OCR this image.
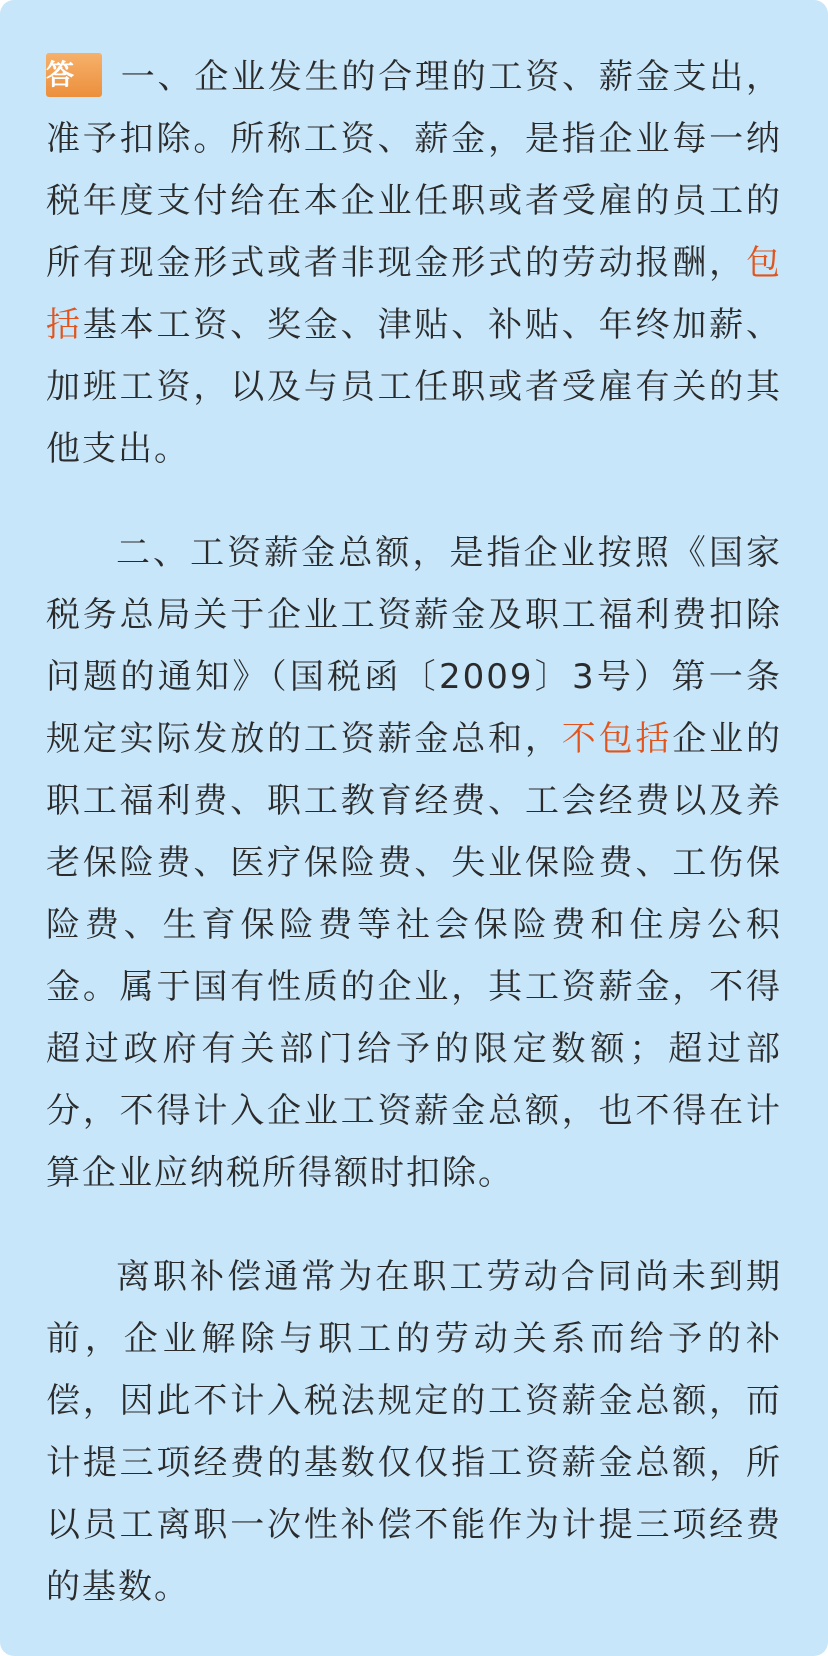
答 一、企业发生的合理的工资、薪金支出，准予扣除。所称工资、薪金，是指企业每一纳税年度支付给在本企业任职或者受雇的员工的所有现金形式或者非现金形式的劳动报酬，包括基本工资、奖金、津贴、补贴、年终加薪、加班工资，以及与员工任职或者受雇有关的其他支出。

二、工资薪金总额，是指企业按照《国家税务总局关于企业工资薪金及职工福利费扣除问题的通知》（国税函〔2009〕3号）第一条规定实际发放的工资薪金总和，不包括企业的职工福利费、职工教育经费、工会经费以及养老保险费、医疗保险费、失业保险费、工伤保险费、生育保险费等社会保险费和住房公积金。属于国有性质的企业，其工资薪金，不得超过政府有关部门给予的限定数额；超过部分，不得计入企业工资薪金总额，也不得在计算企业应纳税所得额时扣除。

离职补偿通常为在职工劳动合同尚未到期前，企业解除与职工的劳动关系而给予的补偿，因此不计入税法规定的工资薪金总额，而计提三项经费的基数仅仅指工资薪金总额，所以员工离职一次性补偿不能作为计提三项经费的基数。
